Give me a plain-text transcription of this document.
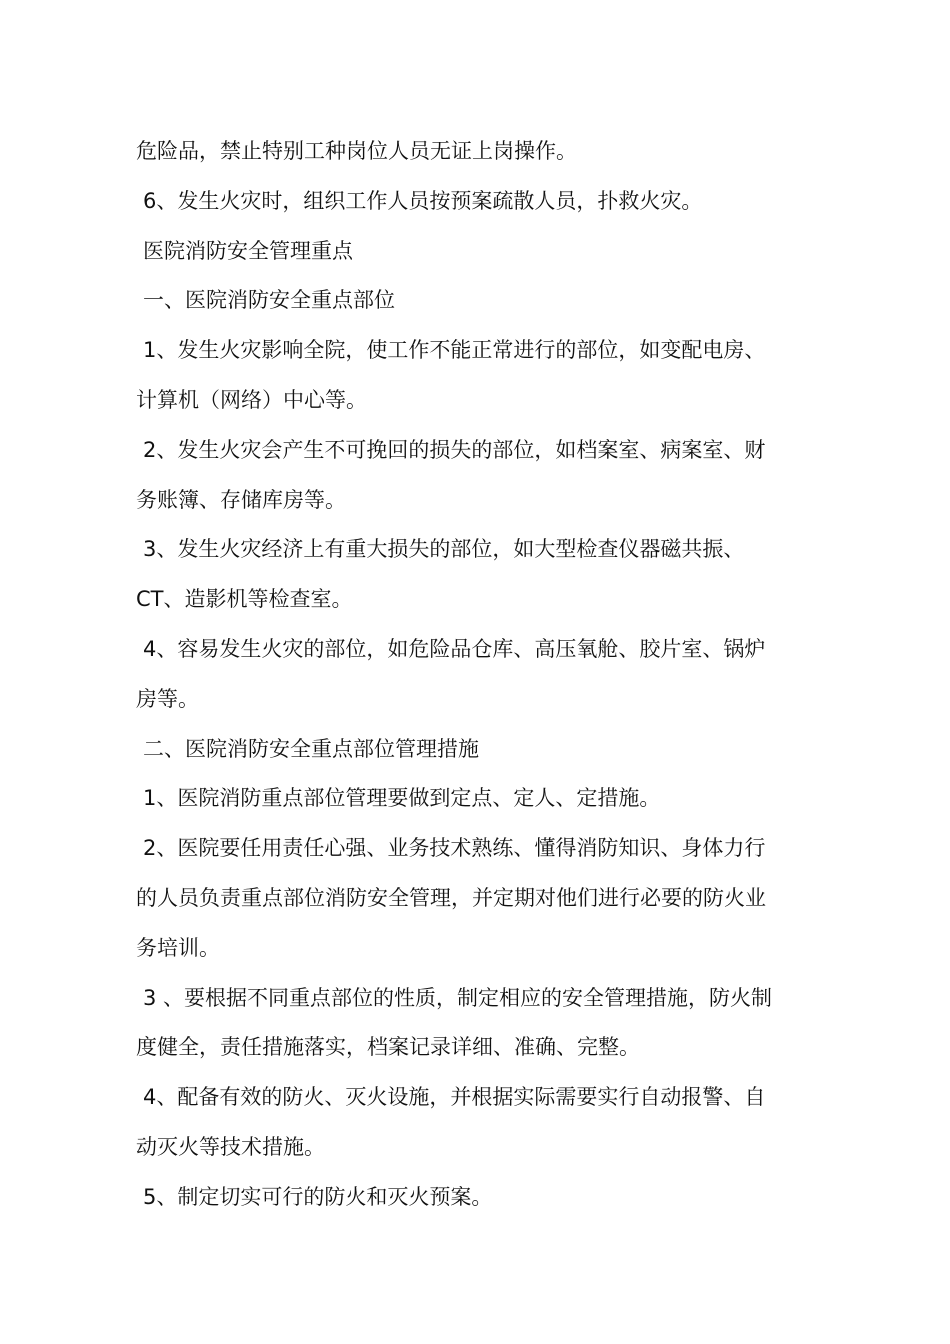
危险品，禁止特别工种岗位人员无证上岗操作。
6、发生火灾时，组织工作人员按预案疏散人员，扑救火灾。
医院消防安全管理重点
一、医院消防安全重点部位
1、发生火灾影响全院，使工作不能正常进行的部位，如变配电房、
计算机（网络）中心等。
2、发生火灾会产生不可挽回的损失的部位，如档案室、病案室、财
务账簿、存储库房等。
3、发生火灾经济上有重大损失的部位，如大型检查仪器磁共振、
CT、造影机等检查室。
4、容易发生火灾的部位，如危险品仓库、高压氧舱、胶片室、锅炉
房等。
二、医院消防安全重点部位管理措施
1、医院消防重点部位管理要做到定点、定人、定措施。
2、医院要任用责任心强、业务技术熟练、懂得消防知识、身体力行
的人员负责重点部位消防安全管理，并定期对他们进行必要的防火业
务培训。
3 、要根据不同重点部位的性质，制定相应的安全管理措施，防火制
度健全，责任措施落实，档案记录详细、准确、完整。
4、配备有效的防火、灭火设施，并根据实际需要实行自动报警、自
动灭火等技术措施。
5、制定切实可行的防火和灭火预案。
